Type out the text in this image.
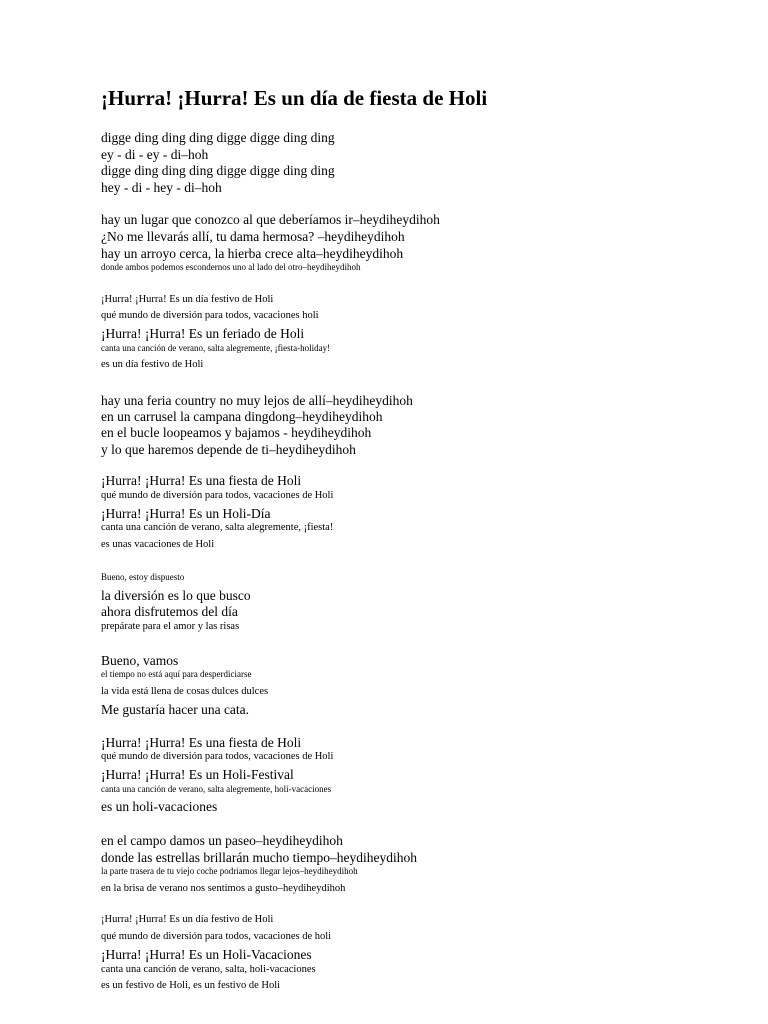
¡Hurra! ¡Hurra! Es un día de fiesta de Holi
digge ding ding ding digge digge ding ding
ey - di - ey - di–hoh
digge ding ding ding digge digge ding ding
hey - di - hey - di–hoh
hay un lugar que conozco al que deberíamos ir–heydiheydihoh
¿No me llevarás allí, tu dama hermosa? –heydiheydihoh
hay un arroyo cerca, la hierba crece alta–heydiheydihoh
donde ambos podemos escondernos uno al lado del otro–heydiheydihoh
¡Hurra! ¡Hurra! Es un día festivo de Holi
qué mundo de diversión para todos, vacaciones holi
¡Hurra! ¡Hurra! Es un feriado de Holi
canta una canción de verano, salta alegremente, ¡fiesta-holiday!
es un día festivo de Holi
hay una feria country no muy lejos de allí–heydiheydihoh
en un carrusel la campana dingdong–heydiheydihoh
en el bucle loopeamos y bajamos - heydiheydihoh
y lo que haremos depende de ti–heydiheydihoh
¡Hurra! ¡Hurra! Es una fiesta de Holi
qué mundo de diversión para todos, vacaciones de Holi
¡Hurra! ¡Hurra! Es un Holi-Día
canta una canción de verano, salta alegremente, ¡fiesta!
es unas vacaciones de Holi
Bueno, estoy dispuesto
la diversión es lo que busco
ahora disfrutemos del día
prepárate para el amor y las risas
Bueno, vamos
el tiempo no está aquí para desperdiciarse
la vida está llena de cosas dulces dulces
Me gustaría hacer una cata.
¡Hurra! ¡Hurra! Es una fiesta de Holi
qué mundo de diversión para todos, vacaciones de Holi
¡Hurra! ¡Hurra! Es un Holi-Festival
canta una canción de verano, salta alegremente, holi-vacaciones
es un holi-vacaciones
en el campo damos un paseo–heydiheydihoh
donde las estrellas brillarán mucho tiempo–heydiheydihoh
la parte trasera de tu viejo coche podríamos llegar lejos–heydiheydihoh
en la brisa de verano nos sentimos a gusto–heydiheydihoh
¡Hurra! ¡Hurra! Es un día festivo de Holi
qué mundo de diversión para todos, vacaciones de holi
¡Hurra! ¡Hurra! Es un Holi-Vacaciones
canta una canción de verano, salta, holi-vacaciones
es un festivo de Holi, es un festivo de Holi
